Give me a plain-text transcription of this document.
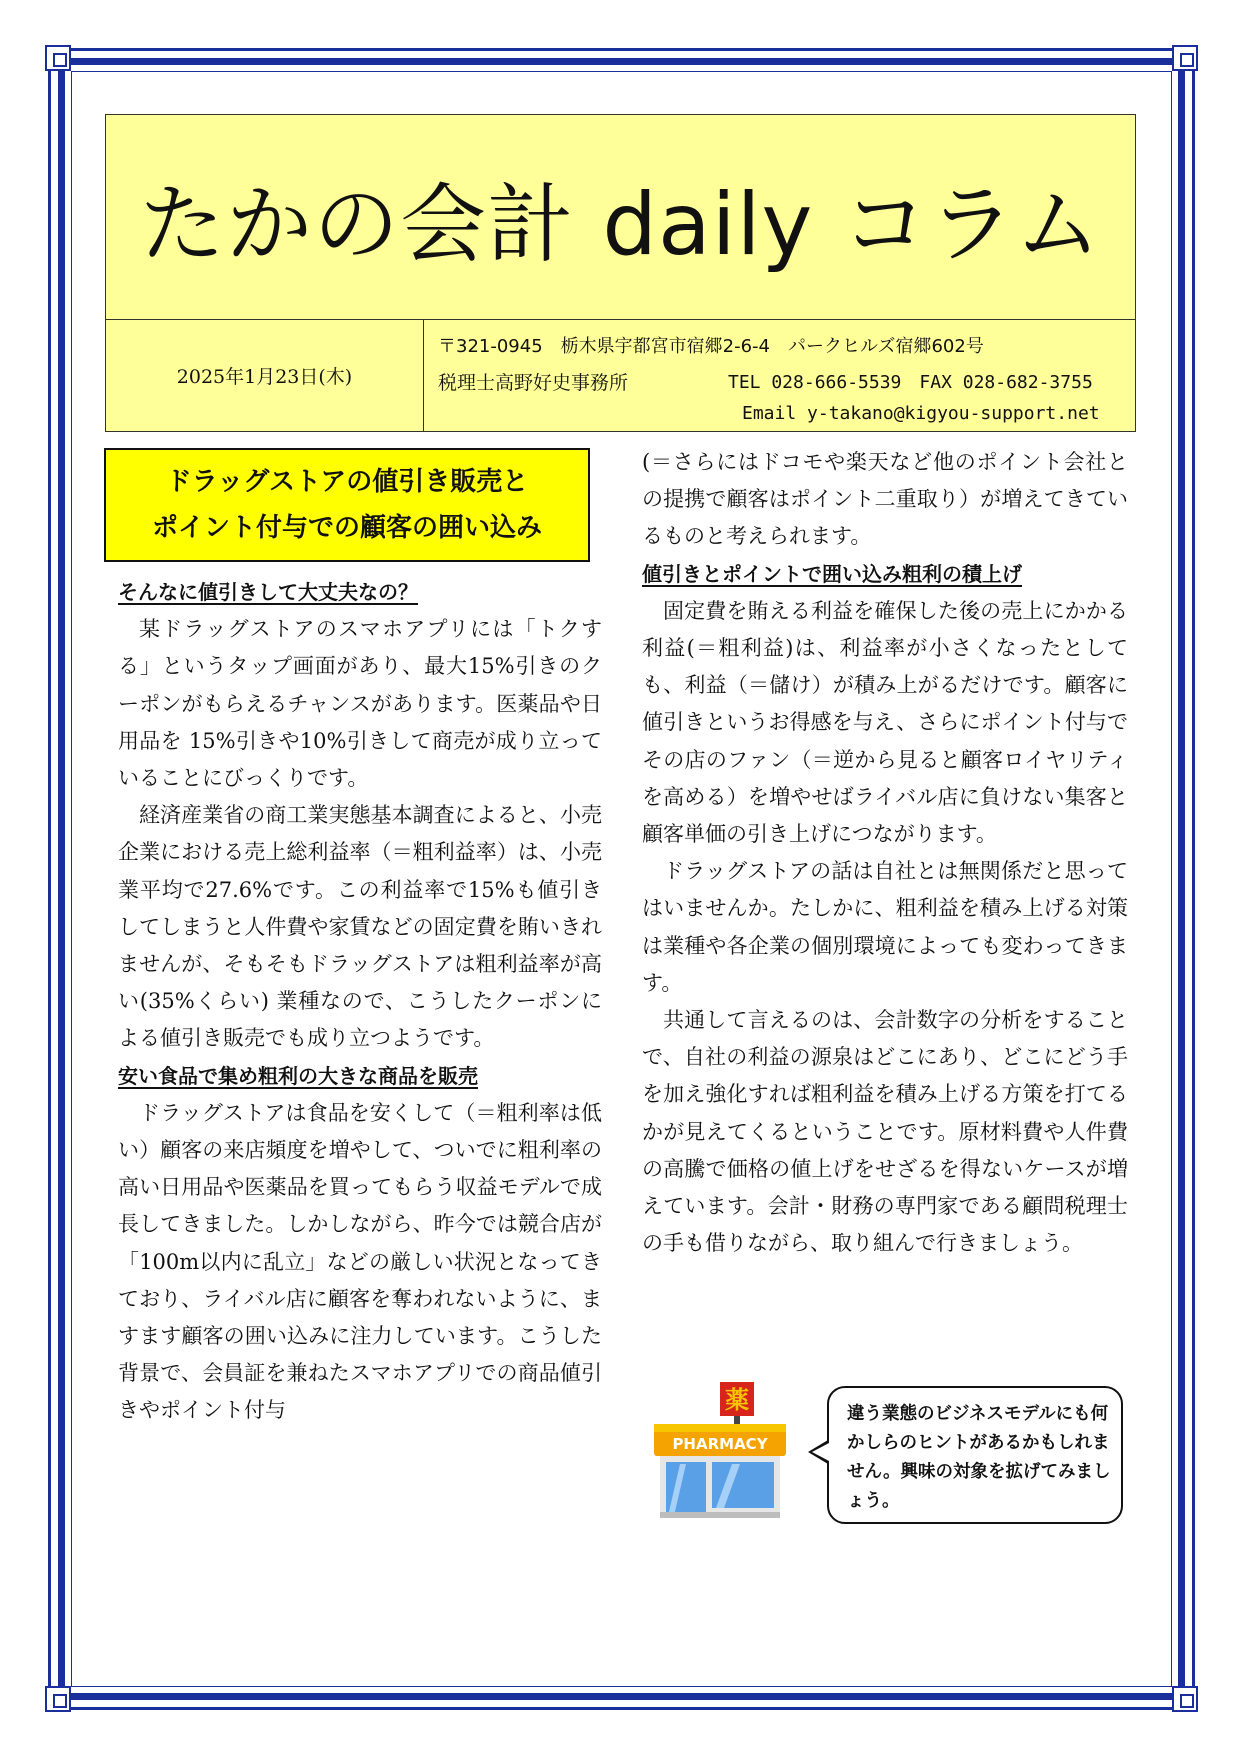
たかの会計 daily コラム
2025年1月23日(木)
〒321-0945　栃木県宇都宮市宿郷2-6-4　パークヒルズ宿郷602号
税理士高野好史事務所	TEL 028-666-5539　FAX 028-682-3755
Email y-takano@kigyou-support.net
ドラッグストアの値引き販売と
ポイント付与での顧客の囲い込み
そんなに値引きして大丈夫なの？

某ドラッグストアのスマホアプリには「トクする」というタップ画面があり、最大15%引きのクーポンがもらえるチャンスがあります。医薬品や日用品を 15%引きや10%引きして商売が成り立っていることにびっくりです。

経済産業省の商工業実態基本調査によると、小売企業における売上総利益率（＝粗利益率）は、小売業平均で27.6%です。この利益率で15%も値引きしてしまうと人件費や家賃などの固定費を賄いきれませんが、そもそもドラッグストアは粗利益率が高い(35%くらい) 業種なので、こうしたクーポンによる値引き販売でも成り立つようです。

安い食品で集め粗利の大きな商品を販売

ドラッグストアは食品を安くして（＝粗利率は低い）顧客の来店頻度を増やして、ついでに粗利率の高い日用品や医薬品を買ってもらう収益モデルで成長してきました。しかしながら、昨今では競合店が「100m以内に乱立」などの厳しい状況となってきており、ライバル店に顧客を奪われないように、ますます顧客の囲い込みに注力しています。こうした背景で、会員証を兼ねたスマホアプリでの商品値引きやポイント付与

(＝さらにはドコモや楽天など他のポイント会社との提携で顧客はポイント二重取り）が増えてきているものと考えられます。
値引きとポイントで囲い込み粗利の積上げ

固定費を賄える利益を確保した後の売上にかかる利益(＝粗利益)は、利益率が小さくなったとしても、利益（＝儲け）が積み上がるだけです。顧客に値引きというお得感を与え、さらにポイント付与でその店のファン（＝逆から見ると顧客ロイヤリティを高める）を増やせばライバル店に負けない集客と顧客単価の引き上げにつながります。

ドラッグストアの話は自社とは無関係だと思ってはいませんか。たしかに、粗利益を積み上げる対策は業種や各企業の個別環境によっても変わってきます。

共通して言えるのは、会計数字の分析をすることで、自社の利益の源泉はどこにあり、どこにどう手を加え強化すれば粗利益を積み上げる方策を打てるかが見えてくるということです。原材料費や人件費の高騰で価格の値上げをせざるを得ないケースが増えています。会計・財務の専門家である顧問税理士の手も借りながら、取り組んで行きましょう。

薬
PHARMACY
違う業態のビジネスモデルにも何かしらのヒントがあるかもしれません。興味の対象を拡げてみましょう。
